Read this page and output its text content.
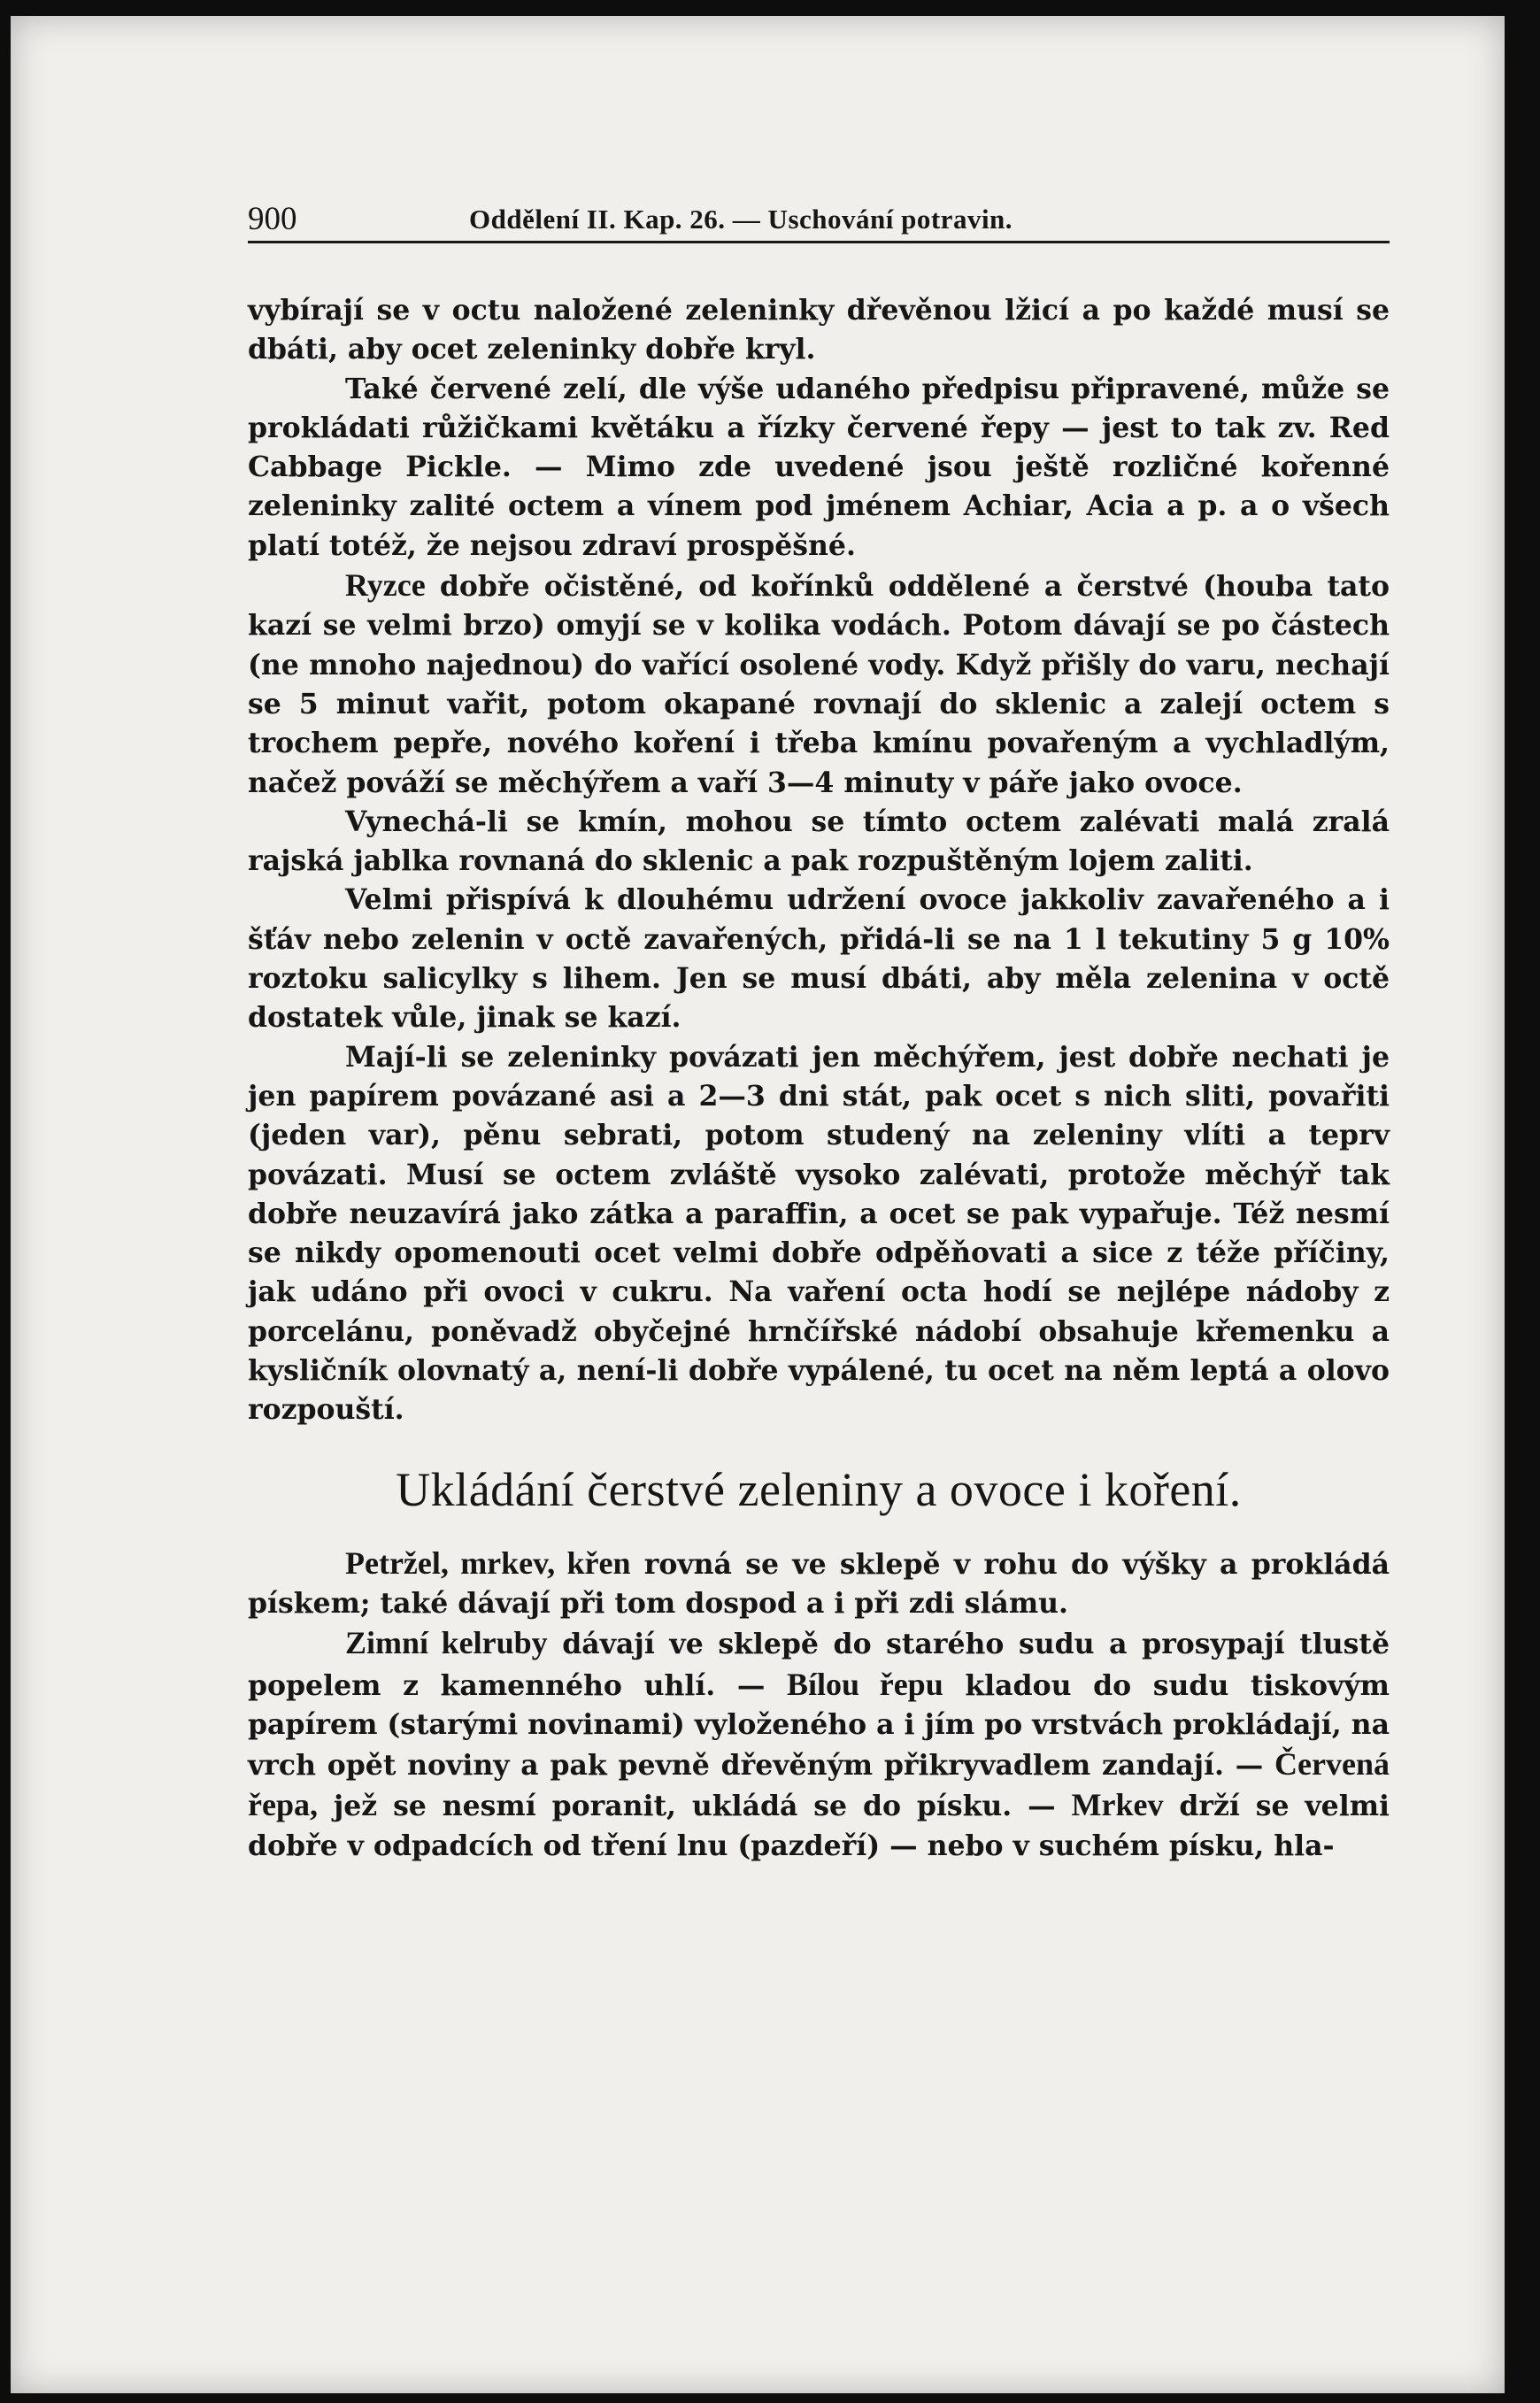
900	Oddělení II. Kap. 26. — Uschování potravin.

vybírají se v octu naložené zeleninky dřevěnou lžicí a po každé musí se dbáti, aby ocet zeleninky dobře kryl.

Také červené zelí, dle výše udaného předpisu připravené, může se prokládati růžičkami květáku a řízky červené řepy — jest to tak zv. Red Cabbage Pickle. — Mimo zde uvedené jsou ještě rozličné kořenné zeleninky zalité octem a vínem pod jménem Achiar, Acia a p. a o všech platí totéž, že nejsou zdraví prospěšné.

Ryzce dobře očistěné, od kořínků oddělené a čerstvé (houba tato kazí se velmi brzo) omyjí se v kolika vodách. Potom dávají se po částech (ne mnoho najednou) do vařící osolené vody. Když přišly do varu, nechají se 5 minut vařit, potom okapané rovnají do sklenic a zalejí octem s trochem pepře, nového koření i třeba kmínu povařeným a vychladlým, načež pováží se měchýřem a vaří 3—4 minuty v páře jako ovoce.

Vynechá-li se kmín, mohou se tímto octem zalévati malá zralá rajská jablka rovnaná do sklenic a pak rozpuštěným lojem zaliti.

Velmi přispívá k dlouhému udržení ovoce jakkoliv zavařeného a i šťáv nebo zelenin v octě zavařených, přidá-li se na 1 l tekutiny 5 g 10% roztoku salicylky s lihem. Jen se musí dbáti, aby měla zelenina v octě dostatek vůle, jinak se kazí.

Mají-li se zeleninky povázati jen měchýřem, jest dobře nechati je jen papírem povázané asi a 2—3 dni stát, pak ocet s nich sliti, povařiti (jeden var), pěnu sebrati, potom studený na zeleniny vlíti a teprv povázati. Musí se octem zvláště vysoko zalévati, protože měchýř tak dobře neuzavírá jako zátka a paraffin, a ocet se pak vypařuje. Též nesmí se nikdy opomenouti ocet velmi dobře odpěňovati a sice z téže příčiny, jak udáno při ovoci v cukru. Na vaření octa hodí se nejlépe nádoby z porcelánu, poněvadž obyčejné hrnčířské nádobí obsahuje křemenku a kysličník olovnatý a, není-li dobře vypálené, tu ocet na něm leptá a olovo rozpouští.

Ukládání čerstvé zeleniny a ovoce i koření.

Petržel, mrkev, křen rovná se ve sklepě v rohu do výšky a prokládá pískem; také dávají při tom dospod a i při zdi slámu.

Zimní kelruby dávají ve sklepě do starého sudu a prosypají tlustě popelem z kamenného uhlí. — Bílou řepu kladou do sudu tiskovým papírem (starými novinami) vyloženého a i jím po vrstvách prokládají, na vrch opět noviny a pak pevně dřevěným přikryvadlem zandají. — Červená řepa, jež se nesmí poranit, ukládá se do písku. — Mrkev drží se velmi dobře v odpadcích od tření lnu (pazdeří) — nebo v suchém písku, hla-
